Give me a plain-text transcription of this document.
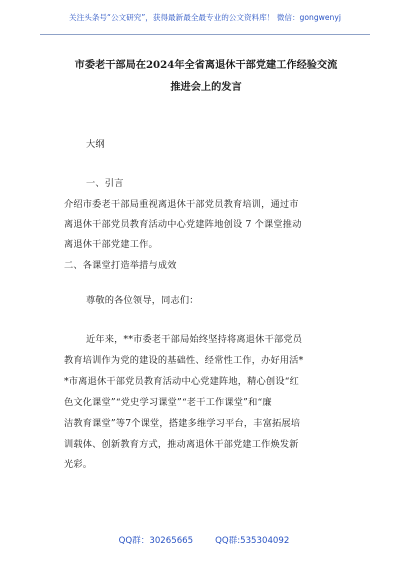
关注头条号“公文研究”，获得最新最全最专业的公文资料库！ 微信：gongwenyj
市委老干部局在2024年全省离退休干部党建工作经验交流
推进会上的发言
大纲
一、引言
介绍市委老干部局重视离退休干部党员教育培训，通过市
离退休干部党员教育活动中心党建阵地创设 7 个课堂推动
离退休干部党建工作。
二、各课堂打造举措与成效
尊敬的各位领导，同志们：
近年来，**市委老干部局始终坚持将离退休干部党员
教育培训作为党的建设的基础性、经常性工作，办好用活*
*市离退休干部党员教育活动中心党建阵地，精心创设“红
色文化课堂”“党史学习课堂”“老干工作课堂”和“廉
洁教育课堂”等7个课堂，搭建多维学习平台，丰富拓展培
训载体、创新教育方式，推动离退休干部党建工作焕发新
光彩。
QQ群：30265665	QQ群:535304092
